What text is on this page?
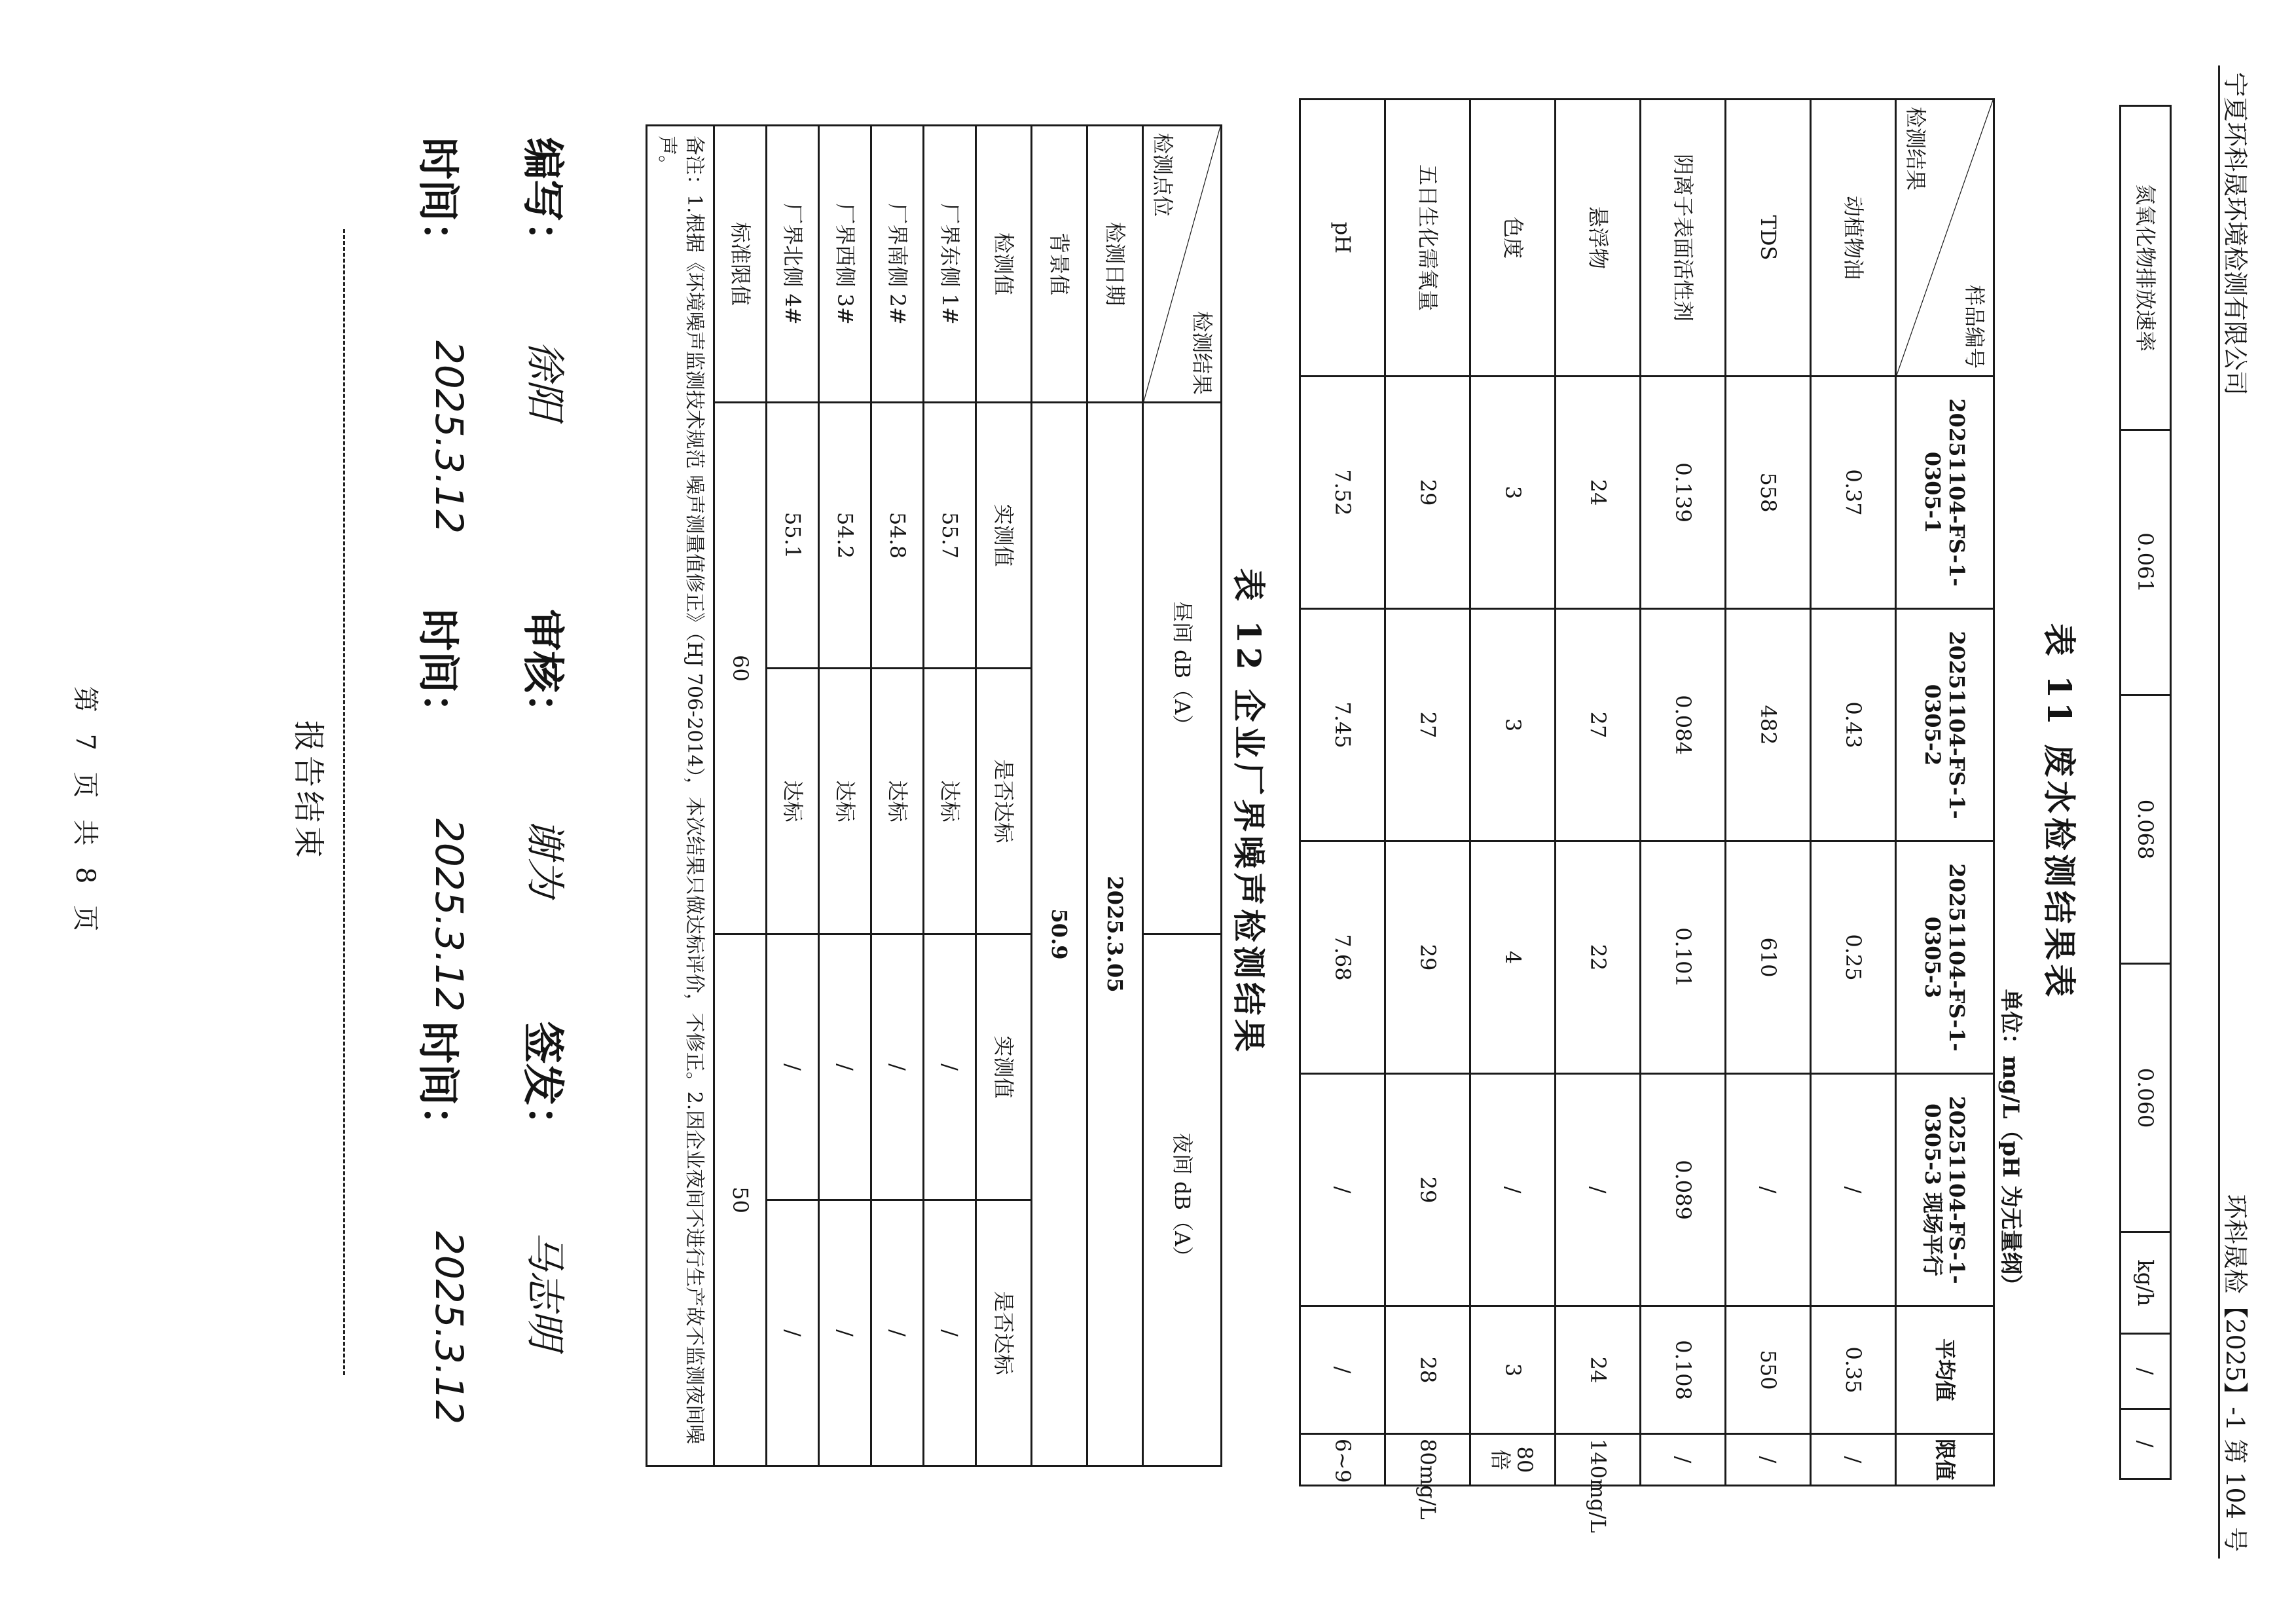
宁夏环科晟环境检测有限公司
环科晟检【2025】-1 第 104 号
氮氧化物排放速率	0.061	0.068	0.060	kg/h	/	/
表 11 废水检测结果表
单位：mg/L（pH 为无量纲）
样品编号
检测结果	20251104-FS-1-0305-1	20251104-FS-1-0305-2	20251104-FS-1-0305-3	20251104-FS-1-0305-3 现场平行	平均值	限值
动植物油	0.37	0.43	0.25	/	0.35	/
TDS	558	482	610	/	550	/
阴离子表面活性剂	0.139	0.084	0.101	0.089	0.108	/
悬浮物	24	27	22	/	24	140mg/L
色度	3	3	4	/	3	80倍
五日生化需氧量	29	27	29	29	28	80mg/L
pH	7.52	7.45	7.68	/	/	6~9
表 12 企业厂界噪声检测结果
检测结果
检测点位	昼间 dB（A）		夜间 dB（A）	
检测日期	2025.3.05			
背景值	50.9			
检测值	实测值	是否达标	实测值	是否达标
厂界东侧 1#	55.7	达标	/	/
厂界南侧 2#	54.8	达标	/	/
厂界西侧 3#	54.2	达标	/	/
厂界北侧 4#	55.1	达标	/	/
标准限值	60		50	
备注：1.根据《环境噪声监测技术规范 噪声测量值修正》（HJ 706-2014），本次结果只做达标评价，不修正。2.因企业夜间不进行生产故不监测夜间噪声。				
第 7 页 共 8 页
编写：
审核：
签发：
徐阳
谢为
马志明
时间：
时间：
时间：
2025.3.12
2025.3.12
2025.3.12
报告结束
